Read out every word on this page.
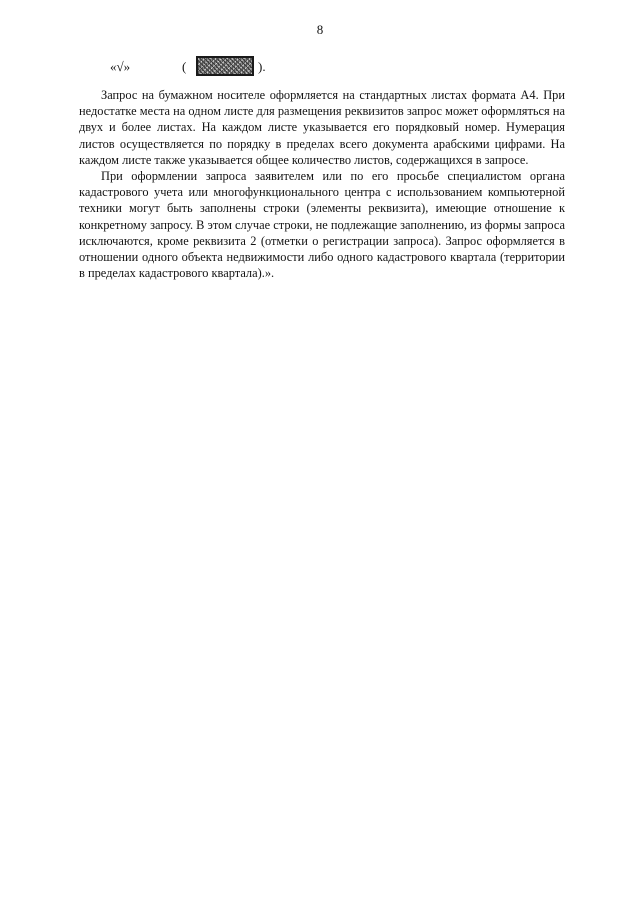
8
«√»	(	).

Запрос на бумажном носителе оформляется на стандартных листах формата А4. При недостатке места на одном листе для размещения реквизитов запрос может оформляться на двух и более листах. На каждом листе указывается его порядковый номер. Нумерация листов осуществляется по порядку в пределах всего документа арабскими цифрами. На каждом листе также указывается общее количество листов, содержащихся в запросе.

При оформлении запроса заявителем или по его просьбе специалистом органа кадастрового учета или многофункционального центра с использованием компьютерной техники могут быть заполнены строки (элементы реквизита), имеющие отношение к конкретному запросу. В этом случае строки, не подлежащие заполнению, из формы запроса исключаются, кроме реквизита 2 (отметки о регистрации запроса). Запрос оформляется в отношении одного объекта недвижимости либо одного кадастрового квартала (территории в пределах кадастрового квартала).».
